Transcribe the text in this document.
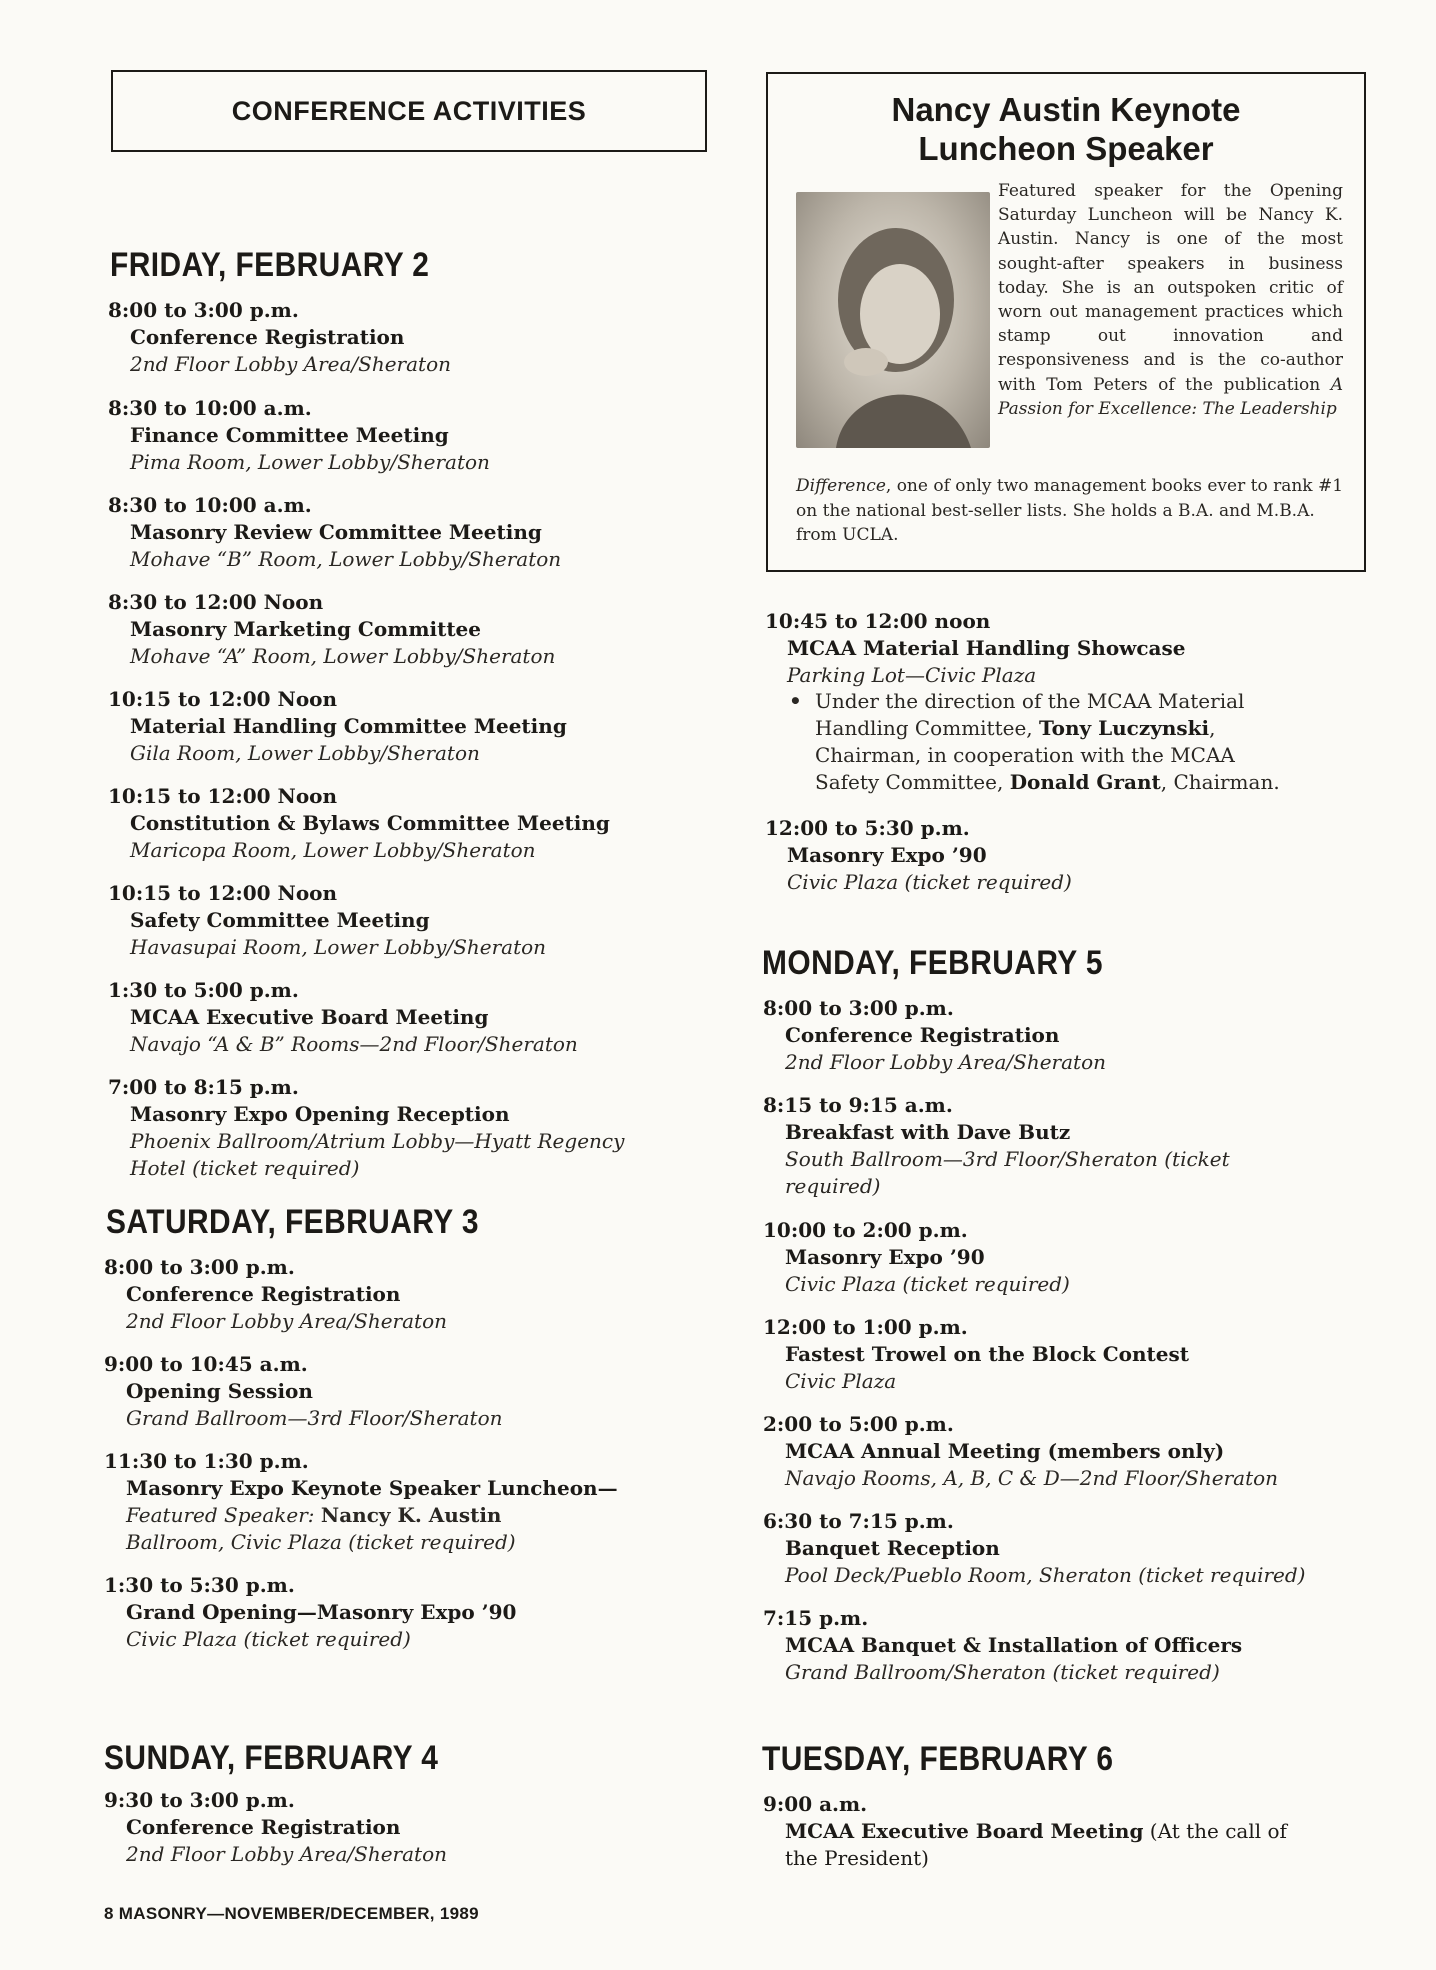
CONFERENCE ACTIVITIES
FRIDAY, FEBRUARY 2
8:00 to 3:00 p.m.
Conference Registration
2nd Floor Lobby Area/Sheraton
8:30 to 10:00 a.m.
Finance Committee Meeting
Pima Room, Lower Lobby/Sheraton
8:30 to 10:00 a.m.
Masonry Review Committee Meeting
Mohave “B” Room, Lower Lobby/Sheraton
8:30 to 12:00 Noon
Masonry Marketing Committee
Mohave “A” Room, Lower Lobby/Sheraton
10:15 to 12:00 Noon
Material Handling Committee Meeting
Gila Room, Lower Lobby/Sheraton
10:15 to 12:00 Noon
Constitution & Bylaws Committee Meeting
Maricopa Room, Lower Lobby/Sheraton
10:15 to 12:00 Noon
Safety Committee Meeting
Havasupai Room, Lower Lobby/Sheraton
1:30 to 5:00 p.m.
MCAA Executive Board Meeting
Navajo “A & B” Rooms—2nd Floor/Sheraton
7:00 to 8:15 p.m.
Masonry Expo Opening Reception
Phoenix Ballroom/Atrium Lobby—Hyatt Regency
Hotel (ticket required)
SATURDAY, FEBRUARY 3
8:00 to 3:00 p.m.
Conference Registration
2nd Floor Lobby Area/Sheraton
9:00 to 10:45 a.m.
Opening Session
Grand Ballroom—3rd Floor/Sheraton
11:30 to 1:30 p.m.
Masonry Expo Keynote Speaker Luncheon—
Featured Speaker: Nancy K. Austin
Ballroom, Civic Plaza (ticket required)
1:30 to 5:30 p.m.
Grand Opening—Masonry Expo ’90
Civic Plaza (ticket required)
SUNDAY, FEBRUARY 4
9:30 to 3:00 p.m.
Conference Registration
2nd Floor Lobby Area/Sheraton
8 MASONRY—NOVEMBER/DECEMBER, 1989
Nancy Austin Keynote
Luncheon Speaker
Featured speaker for the Opening Saturday Luncheon will be Nancy K. Austin. Nancy is one of the most sought-after speakers in business today. She is an outspoken critic of worn out management practices which stamp out innovation and responsiveness and is the co-author with Tom Peters of the publication A Passion for Excellence: The Leadership
Difference, one of only two management books ever to rank #1 on the national best-seller lists. She holds a B.A. and M.B.A. from UCLA.
10:45 to 12:00 noon
MCAA Material Handling Showcase
Parking Lot—Civic Plaza
• Under the direction of the MCAA Material
Handling Committee, Tony Luczynski,
Chairman, in cooperation with the MCAA
Safety Committee, Donald Grant, Chairman.
12:00 to 5:30 p.m.
Masonry Expo ’90
Civic Plaza (ticket required)
MONDAY, FEBRUARY 5
8:00 to 3:00 p.m.
Conference Registration
2nd Floor Lobby Area/Sheraton
8:15 to 9:15 a.m.
Breakfast with Dave Butz
South Ballroom—3rd Floor/Sheraton (ticket
required)
10:00 to 2:00 p.m.
Masonry Expo ’90
Civic Plaza (ticket required)
12:00 to 1:00 p.m.
Fastest Trowel on the Block Contest
Civic Plaza
2:00 to 5:00 p.m.
MCAA Annual Meeting (members only)
Navajo Rooms, A, B, C & D—2nd Floor/Sheraton
6:30 to 7:15 p.m.
Banquet Reception
Pool Deck/Pueblo Room, Sheraton (ticket required)
7:15 p.m.
MCAA Banquet & Installation of Officers
Grand Ballroom/Sheraton (ticket required)
TUESDAY, FEBRUARY 6
9:00 a.m.
MCAA Executive Board Meeting (At the call of
the President)
